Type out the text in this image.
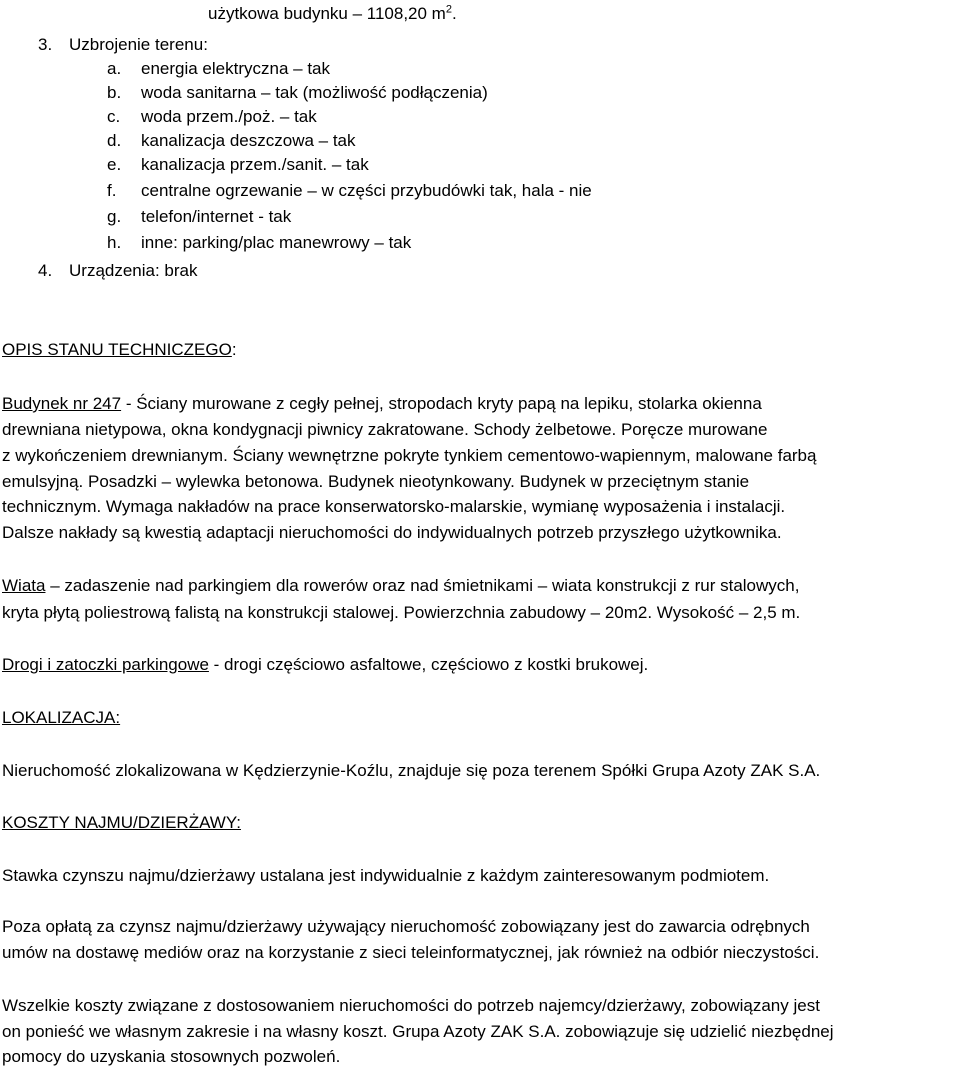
użytkowa budynku – 1108,20 $m^2$.
3. Uzbrojenie terenu:
a. energia elektryczna – tak
b. woda sanitarna – tak (możliwość podłączenia)
c. woda przem./poż. – tak
d. kanalizacja deszczowa – tak
e. kanalizacja przem./sanit. – tak
f. centralne ogrzewanie – w części przybudówki tak, hala - nie
g. telefon/internet - tak
h. inne: parking/plac manewrowy – tak
4. Urządzenia: brak
OPIS STANU TECHNICZEGO:
Budynek nr 247 - Ściany murowane z cegły pełnej, stropodach kryty papą na lepiku, stolarka okienna
drewniana nietypowa, okna kondygnacji piwnicy zakratowane. Schody żelbetowe. Poręcze murowane
z wykończeniem drewnianym. Ściany wewnętrzne pokryte tynkiem cementowo-wapiennym, malowane farbą
emulsyjną. Posadzki – wylewka betonowa. Budynek nieotynkowany. Budynek w przeciętnym stanie
technicznym. Wymaga nakładów na prace konserwatorsko-malarskie, wymianę wyposażenia i instalacji.
Dalsze nakłady są kwestią adaptacji nieruchomości do indywidualnych potrzeb przyszłego użytkownika.
Wiata – zadaszenie nad parkingiem dla rowerów oraz nad śmietnikami – wiata konstrukcji z rur stalowych,
kryta płytą poliestrową falistą na konstrukcji stalowej. Powierzchnia zabudowy – 20m2. Wysokość – 2,5 m.
Drogi i zatoczki parkingowe - drogi częściowo asfaltowe, częściowo z kostki brukowej.
LOKALIZACJA:
Nieruchomość zlokalizowana w Kędzierzynie-Koźlu, znajduje się poza terenem Spółki Grupa Azoty ZAK S.A.
KOSZTY NAJMU/DZIERŻAWY:
Stawka czynszu najmu/dzierżawy ustalana jest indywidualnie z każdym zainteresowanym podmiotem.
Poza opłatą za czynsz najmu/dzierżawy używający nieruchomość zobowiązany jest do zawarcia odrębnych
umów na dostawę mediów oraz na korzystanie z sieci teleinformatycznej, jak również na odbiór nieczystości.
Wszelkie koszty związane z dostosowaniem nieruchomości do potrzeb najemcy/dzierżawy, zobowiązany jest
on ponieść we własnym zakresie i na własny koszt. Grupa Azoty ZAK S.A. zobowiązuje się udzielić niezbędnej
pomocy do uzyskania stosownych pozwoleń.
